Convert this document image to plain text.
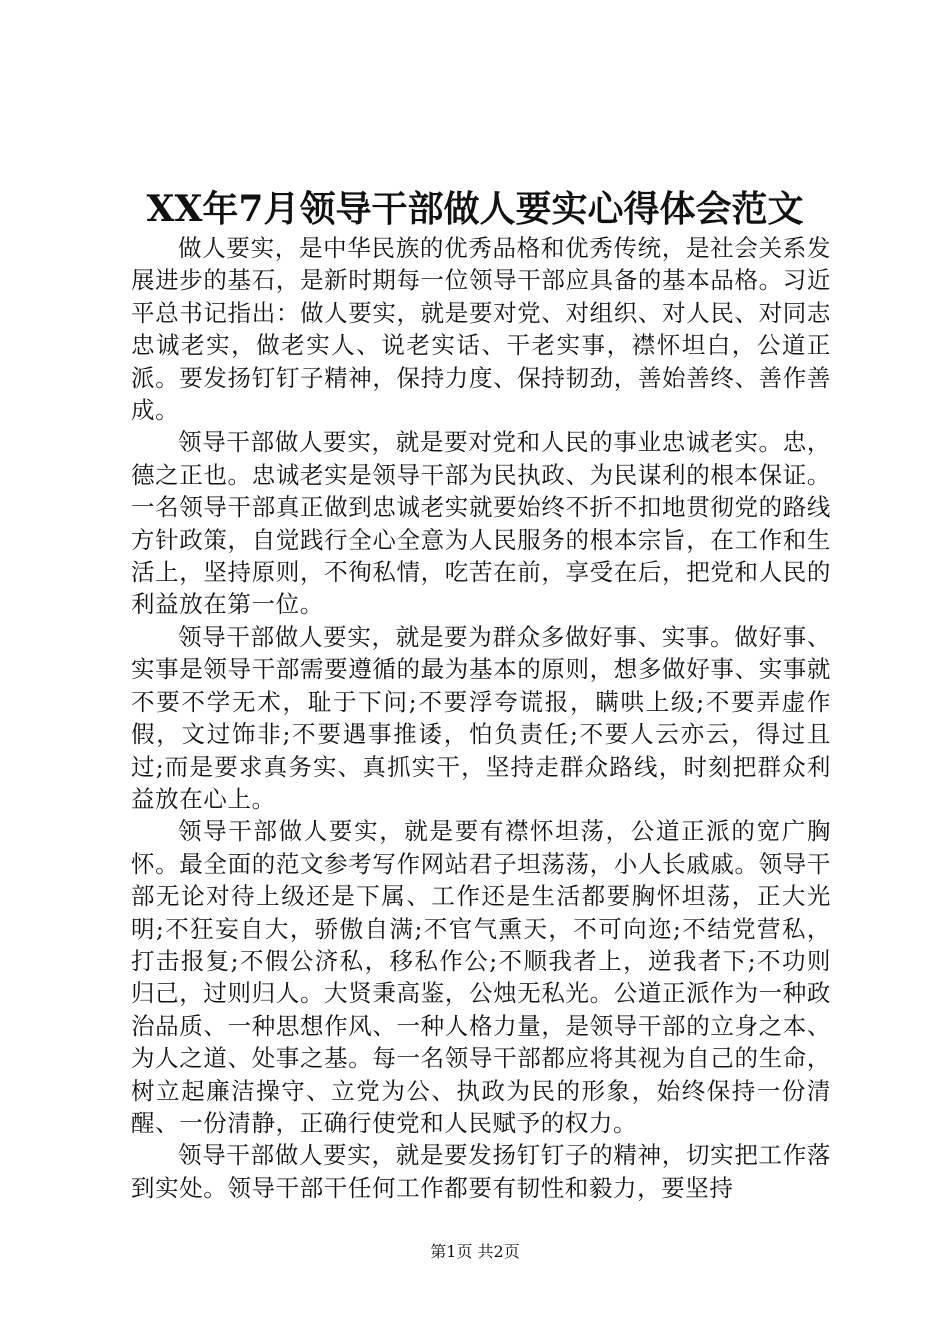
XX年7月领导干部做人要实心得体会范文

做人要实，是中华民族的优秀品格和优秀传统，是社会关系发展进步的基石，是新时期每一位领导干部应具备的基本品格。习近平总书记指出：做人要实，就是要对党、对组织、对人民、对同志忠诚老实，做老实人、说老实话、干老实事，襟怀坦白，公道正派。要发扬钉钉子精神，保持力度、保持韧劲，善始善终、善作善成。

领导干部做人要实，就是要对党和人民的事业忠诚老实。忠，德之正也。忠诚老实是领导干部为民执政、为民谋利的根本保证。一名领导干部真正做到忠诚老实就要始终不折不扣地贯彻党的路线方针政策，自觉践行全心全意为人民服务的根本宗旨，在工作和生活上，坚持原则，不徇私情，吃苦在前，享受在后，把党和人民的利益放在第一位。

领导干部做人要实，就是要为群众多做好事、实事。做好事、实事是领导干部需要遵循的最为基本的原则，想多做好事、实事就不要不学无术，耻于下问;不要浮夸谎报，瞒哄上级;不要弄虚作假，文过饰非;不要遇事推诿，怕负责任;不要人云亦云，得过且过;而是要求真务实、真抓实干，坚持走群众路线，时刻把群众利益放在心上。

领导干部做人要实，就是要有襟怀坦荡，公道正派的宽广胸怀。最全面的范文参考写作网站君子坦荡荡，小人长戚戚。领导干部无论对待上级还是下属、工作还是生活都要胸怀坦荡，正大光明;不狂妄自大，骄傲自满;不官气熏天，不可向迩;不结党营私，打击报复;不假公济私，移私作公;不顺我者上，逆我者下;不功则归己，过则归人。大贤秉高鉴，公烛无私光。公道正派作为一种政治品质、一种思想作风、一种人格力量，是领导干部的立身之本、为人之道、处事之基。每一名领导干部都应将其视为自己的生命，树立起廉洁操守、立党为公、执政为民的形象，始终保持一份清醒、一份清静，正确行使党和人民赋予的权力。

领导干部做人要实，就是要发扬钉钉子的精神，切实把工作落到实处。领导干部干任何工作都要有韧性和毅力，要坚持

第1页 共2页
